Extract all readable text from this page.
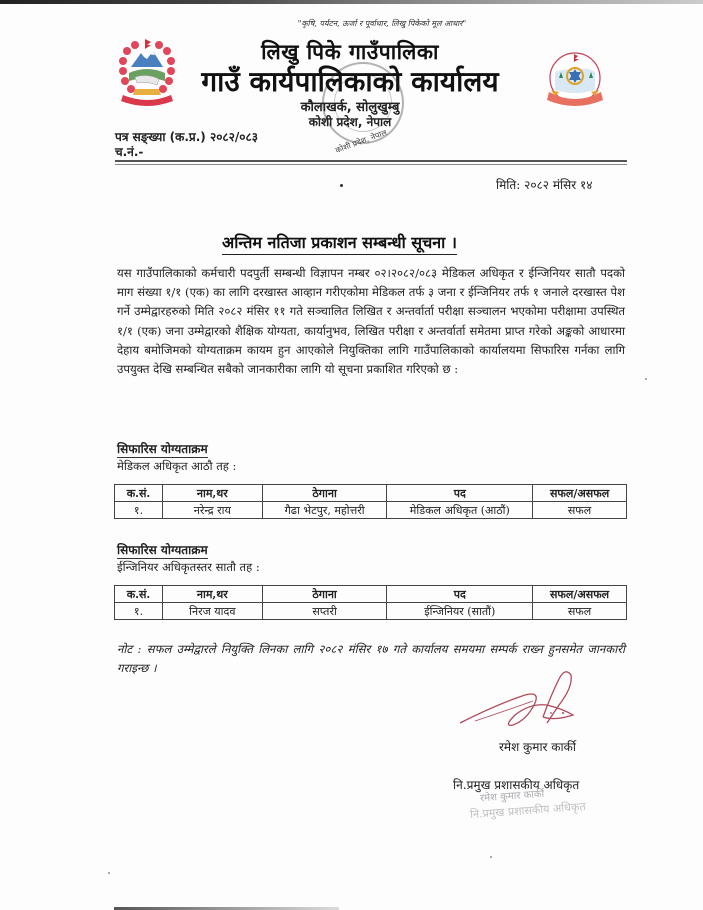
"कृषि, पर्यटन, ऊर्जा र पूर्वाधार, लिखु पिकेको मूल आधार"
लिखु पिके गाउँपालिका
गाउँ कार्यपालिकाको कार्यालय
कौलाखर्क, सोलुखुम्बु
कोशी प्रदेश, नेपाल
कोशी प्रदेश, नेपाल
पत्र सङ्ख्या (क.प्र.) २०८२/०८३
च.नं.-
मिति: २०८२ मंसिर १४
अन्तिम नतिजा प्रकाशन सम्बन्धी सूचना ।
यस गाउँपालिकाको कर्मचारी पदपुर्ती सम्बन्धी विज्ञापन नम्बर ०२।२०८२/०८३ मेडिकल अधिकृत र ईन्जिनियर सातौ पदको माग संख्या १/१ (एक) का लागि दरखास्त आव्हान गरीएकोमा मेडिकल तर्फ ३ जना र ईन्जिनियर तर्फ १ जनाले दरखास्त पेश गर्ने उम्मेद्वारहरुको मिति २०८२ मंसिर ११ गते सञ्चालित लिखित र अन्तर्वार्ता परीक्षा सञ्चालन भएकोमा परीक्षामा उपस्थित १/१ (एक) जना उम्मेद्वारको शैक्षिक योग्यता, कार्यानुभव, लिखित परीक्षा र अन्तर्वार्ता समेतमा प्राप्त गरेको अङ्कको आधारमा देहाय बमोजिमको योग्यताक्रम कायम हुन आएकोले नियुक्तिका लागि गाउँपालिकाको कार्यालयमा सिफारिस गर्नका लागि उपयुक्त देखि सम्बन्धित सबैको जानकारीका लागि यो सूचना प्रकाशित गरिएको छ :
सिफारिस योग्यताक्रम
मेडिकल अधिकृत आठौ तह :
क.सं.	नाम,थर	ठेगाना	पद	सफल/असफल
१.	नरेन्द्र राय	गैढा भेटपुर, महोत्तरी	मेडिकल अधिकृत (आठौं)	सफल
सिफारिस योग्यताक्रम
ईन्जिनियर अधिकृतस्तर सातौ तह :
क.सं.	नाम,थर	ठेगाना	पद	सफल/असफल
१.	निरज यादव	सप्तरी	ईन्जिनियर (सातौं)	सफल
नोट : सफल उम्मेद्वारले नियुक्ति लिनका लागि २०८२ मंसिर १७ गते कार्यालय समयमा सम्पर्क राख्न हुनसमेत जानकारी गराइन्छ ।
रमेश कुमार कार्की
नि.प्रमुख प्रशासकीय अधिकृत
रमेश कुमार कार्की
नि.प्रमुख प्रशासकीय अधिकृत
